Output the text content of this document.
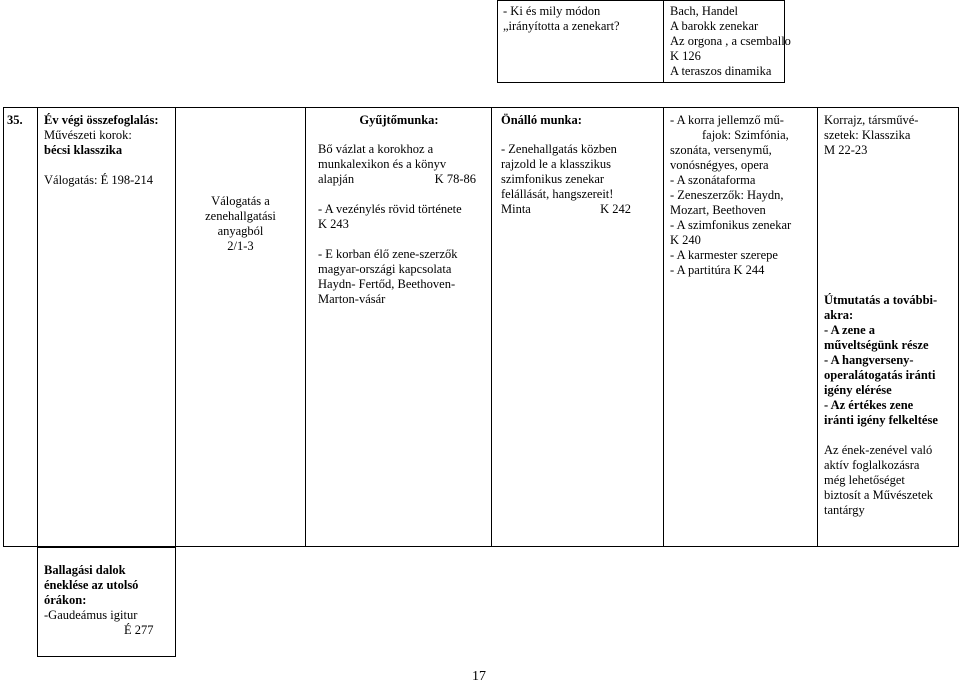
- Ki és mily módon
„irányította a zenekart?
Bach, Handel
A barokk zenekar
Az orgona , a csemballo
K 126
A teraszos dinamika
35. Év végi összefoglalás:
Művészeti korok:
bécsi klasszika
Válogatás: É 198-214
Válogatás a
zenehallgatási
anyagból
2/1-3
Gyűjtőmunka:
Bő vázlat a korokhoz a
munkalexikon és a könyv
alapján	K 78-86
- A vezénylés rövid története
K 243
- E korban élő zene-szerzők
magyar-országi kapcsolata
Haydn- Fertőd, Beethoven-
Marton-vásár
Önálló munka:
- Zenehallgatás közben
rajzold le a klasszikus
szimfonikus zenekar
felállását, hangszereit!
Minta	K 242
- A korra jellemző mű-
fajok: Szimfónia,
szonáta, versenymű,
vonósnégyes, opera
- A szonátaforma
- Zeneszerzők: Haydn,
Mozart, Beethoven
- A szimfonikus zenekar
K 240
- A karmester szerepe
- A partitúra K 244
Korrajz, társművé-
szetek: Klasszika
M 22-23
Útmutatás a további-
akra:
- A zene a
műveltségünk része
- A hangverseny-
operalátogatás iránti
igény elérése
- Az értékes zene
iránti igény felkeltése
Az ének-zenével való
aktív foglalkozásra
még lehetőséget
biztosít a Művészetek
tantárgy
Ballagási dalok
éneklése az utolsó
órákon:
-Gaudeámus igitur
É 277
17
